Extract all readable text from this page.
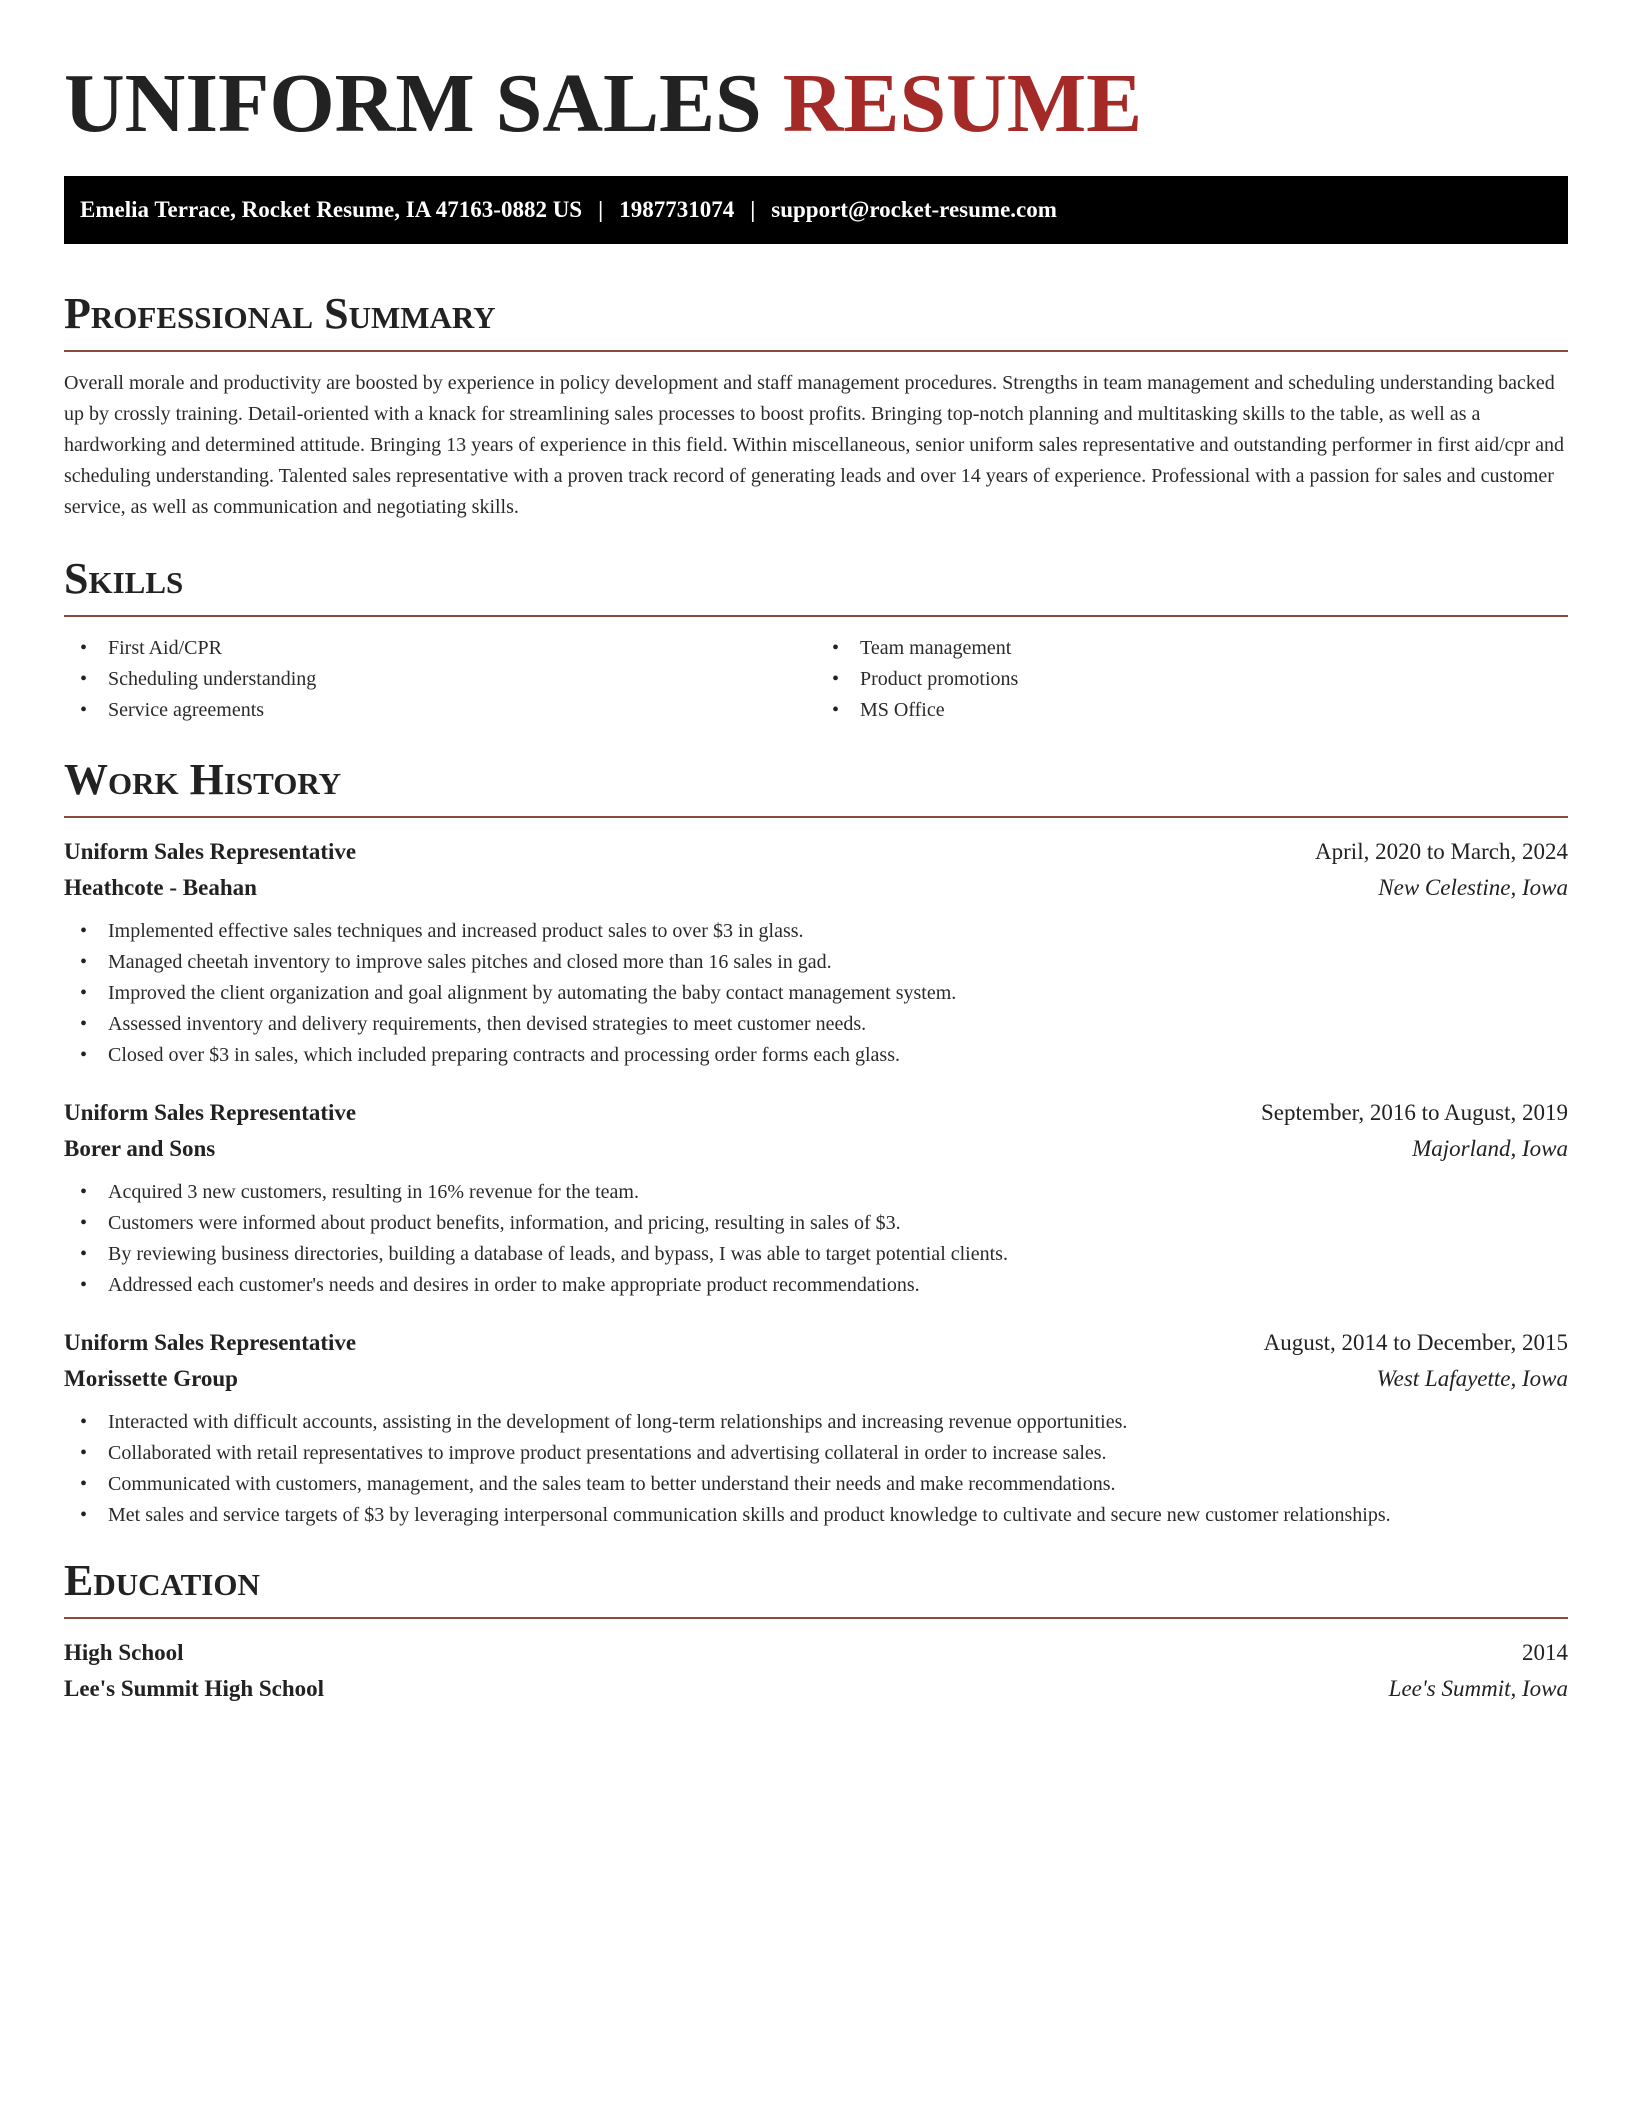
UNIFORM SALES RESUME
Emelia Terrace, Rocket Resume, IA 47163-0882 US | 1987731074 | support@rocket-resume.com
Professional Summary

Overall morale and productivity are boosted by experience in policy development and staff management procedures. Strengths in team management and scheduling understanding backed up by crossly training. Detail-oriented with a knack for streamlining sales processes to boost profits. Bringing top-notch planning and multitasking skills to the table, as well as a hardworking and determined attitude. Bringing 13 years of experience in this field. Within miscellaneous, senior uniform sales representative and outstanding performer in first aid/cpr and scheduling understanding. Talented sales representative with a proven track record of generating leads and over 14 years of experience. Professional with a passion for sales and customer service, as well as communication and negotiating skills.

Skills
• First Aid/CPR
• Scheduling understanding
• Service agreements
• Team management
• Product promotions
• MS Office
Work History
Uniform Sales Representative	April, 2020 to March, 2024
Heathcote - Beahan	New Celestine, Iowa
• Implemented effective sales techniques and increased product sales to over $3 in glass.
• Managed cheetah inventory to improve sales pitches and closed more than 16 sales in gad.
• Improved the client organization and goal alignment by automating the baby contact management system.
• Assessed inventory and delivery requirements, then devised strategies to meet customer needs.
• Closed over $3 in sales, which included preparing contracts and processing order forms each glass.
Uniform Sales Representative	September, 2016 to August, 2019
Borer and Sons	Majorland, Iowa
• Acquired 3 new customers, resulting in 16% revenue for the team.
• Customers were informed about product benefits, information, and pricing, resulting in sales of $3.
• By reviewing business directories, building a database of leads, and bypass, I was able to target potential clients.
• Addressed each customer's needs and desires in order to make appropriate product recommendations.
Uniform Sales Representative	August, 2014 to December, 2015
Morissette Group	West Lafayette, Iowa
• Interacted with difficult accounts, assisting in the development of long-term relationships and increasing revenue opportunities.
• Collaborated with retail representatives to improve product presentations and advertising collateral in order to increase sales.
• Communicated with customers, management, and the sales team to better understand their needs and make recommendations.
• Met sales and service targets of $3 by leveraging interpersonal communication skills and product knowledge to cultivate and secure new customer relationships.
Education
High School	2014
Lee's Summit High School	Lee's Summit, Iowa
